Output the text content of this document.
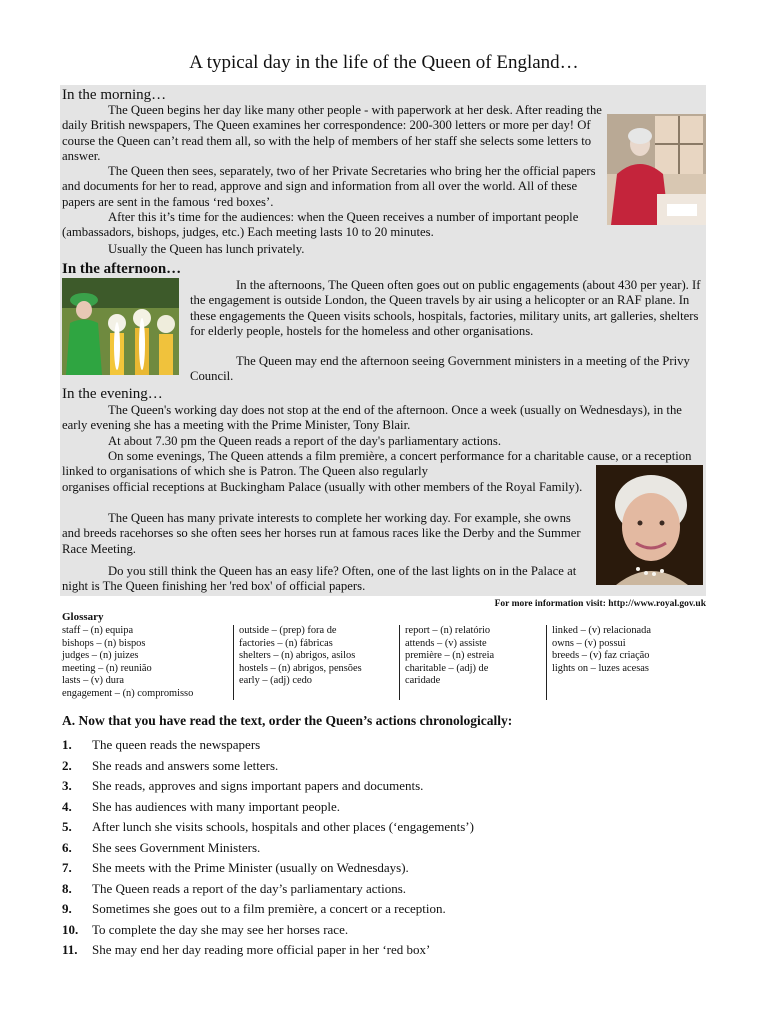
A typical day in the life of the Queen of England…
In the morning…

The Queen begins her day like many other people - with paperwork at her desk. After reading the daily British newspapers, The Queen examines her correspondence: 200-300 letters or more per day! Of course the Queen can’t read them all, so with the help of members of her staff she selects some letters to answer.

The Queen then sees, separately, two of her Private Secretaries who bring her the official papers and documents for her to read, approve and sign and information from all over the world. All of these papers are sent in the famous ‘red boxes’.

After this it’s time for the audiences: when the Queen receives a number of important people (ambassadors, bishops, judges, etc.) Each meeting lasts 10 to 20 minutes.

Usually the Queen has lunch privately.

In the afternoon…

In the afternoons, The Queen often goes out on public engagements (about 430 per year). If the engagement is outside London, the Queen travels by air using a helicopter or an RAF plane. In these engagements the Queen visits schools, hospitals, factories, military units, art galleries, shelters for elderly people, hostels for the homeless and other organisations.

The Queen may end the afternoon seeing Government ministers in a meeting of the Privy Council.

In the evening…

The Queen's working day does not stop at the end of the afternoon. Once a week (usually on Wednesdays), in the early evening she has a meeting with the Prime Minister, Tony Blair.

At about 7.30 pm the Queen reads a report of the day's parliamentary actions.

On some evenings, The Queen attends a film première, a concert performance for a charitable cause, or a reception linked to organisations of which she is Patron. The Queen also regularly

organises official receptions at Buckingham Palace (usually with other members of the Royal Family).

The Queen has many private interests to complete her working day. For example, she owns and breeds racehorses so she often sees her horses run at famous races like the Derby and the Summer Race Meeting.

Do you still think the Queen has an easy life? Often, one of the last lights on in the Palace at night is The Queen finishing her 'red box' of official papers.

For more information visit: http://www.royal.gov.uk
Glossary
staff – (n) equipa
bishops – (n) bispos
judges – (n) juizes
meeting – (n) reunião
lasts – (v) dura
engagement – (n) compromisso
outside – (prep) fora de
factories – (n) fábricas
shelters – (n) abrigos, asilos
hostels – (n) abrigos, pensões
early – (adj) cedo
report – (n) relatório
attends – (v) assiste
première – (n) estreia
charitable – (adj) de
caridade
linked – (v) relacionada
owns – (v) possui
breeds – (v) faz criação
lights on – luzes acesas
A. Now that you have read the text, order the Queen’s actions chronologically:
1. The queen reads the newspapers
2. She reads and answers some letters.
3. She reads, approves and signs important papers and documents.
4. She has audiences with many important people.
5. After lunch she visits schools, hospitals and other places (‘engagements’)
6. She sees Government Ministers.
7. She meets with the Prime Minister (usually on Wednesdays).
8. The Queen reads a report of the day’s parliamentary actions.
9. Sometimes she goes out to a film première, a concert or a reception.
10. To complete the day she may see her horses race.
11. She may end her day reading more official paper in her ‘red box’
